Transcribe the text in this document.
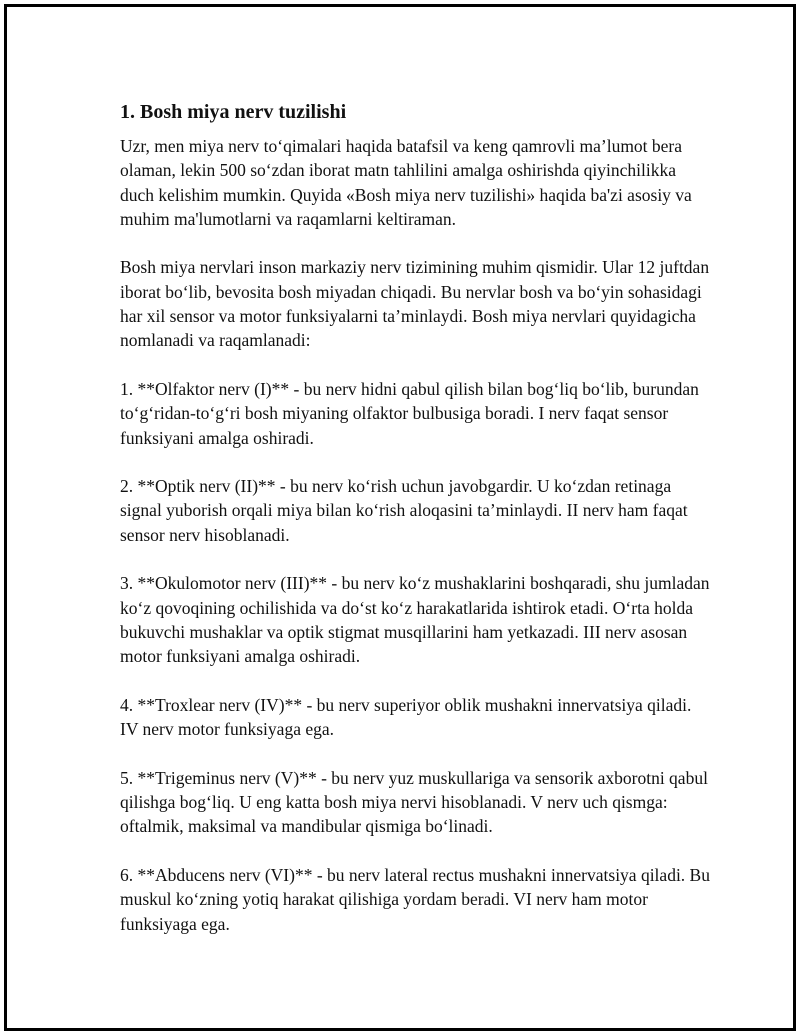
1. Bosh miya nerv tuzilishi

Uzr, men miya nerv to‘qimalari haqida batafsil va keng qamrovli ma’lumot bera olaman, lekin 500 so‘zdan iborat matn tahlilini amalga oshirishda qiyinchilikka duch kelishim mumkin. Quyida «Bosh miya nerv tuzilishi» haqida ba'zi asosiy va muhim ma'lumotlarni va raqamlarni keltiraman.

Bosh miya nervlari inson markaziy nerv tizimining muhim qismidir. Ular 12 juftdan iborat bo‘lib, bevosita bosh miyadan chiqadi. Bu nervlar bosh va bo‘yin sohasidagi har xil sensor va motor funksiyalarni ta’minlaydi. Bosh miya nervlari quyidagicha nomlanadi va raqamlanadi:

1. **Olfaktor nerv (I)** - bu nerv hidni qabul qilish bilan bog‘liq bo‘lib, burundan to‘g‘ridan-to‘g‘ri bosh miyaning olfaktor bulbusiga boradi. I nerv faqat sensor funksiyani amalga oshiradi.

2. **Optik nerv (II)** - bu nerv ko‘rish uchun javobgardir. U ko‘zdan retinaga signal yuborish orqali miya bilan ko‘rish aloqasini ta’minlaydi. II nerv ham faqat sensor nerv hisoblanadi.

3. **Okulomotor nerv (III)** - bu nerv ko‘z mushaklarini boshqaradi, shu jumladan ko‘z qovoqining ochilishida va do‘st ko‘z harakatlarida ishtirok etadi. O‘rta holda bukuvchi mushaklar va optik stigmat musqillarini ham yetkazadi. III nerv asosan motor funksiyani amalga oshiradi.

4. **Troxlear nerv (IV)** - bu nerv superiyor oblik mushakni innervatsiya qiladi. IV nerv motor funksiyaga ega.

5. **Trigeminus nerv (V)** - bu nerv yuz muskullariga va sensorik axborotni qabul qilishga bog‘liq. U eng katta bosh miya nervi hisoblanadi. V nerv uch qismga: oftalmik, maksimal va mandibular qismiga bo‘linadi.

6. **Abducens nerv (VI)** - bu nerv lateral rectus mushakni innervatsiya qiladi. Bu muskul ko‘zning yotiq harakat qilishiga yordam beradi. VI nerv ham motor funksiyaga ega.
